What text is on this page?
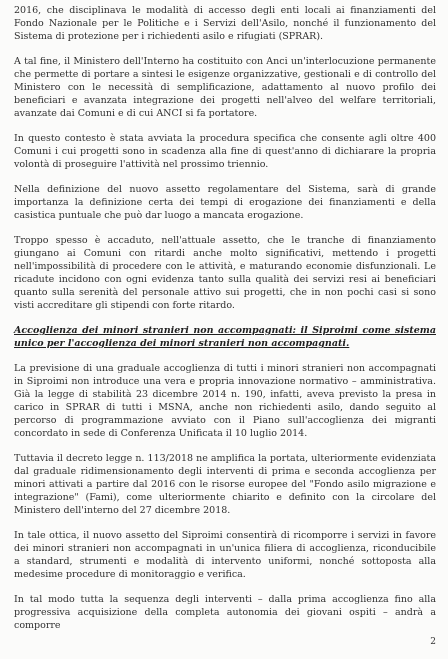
2016, che disciplinava le modalità di accesso degli enti locali ai finanziamenti del Fondo Nazionale per le Politiche e i Servizi dell'Asilo, nonché il funzionamento del Sistema di protezione per i richiedenti asilo e rifugiati (SPRAR).

A tal fine, il Ministero dell'Interno ha costituito con Anci un'interlocuzione permanente che permette di portare a sintesi le esigenze organizzative, gestionali e di controllo del Ministero con le necessità di semplificazione, adattamento al nuovo profilo dei beneficiari e avanzata integrazione dei progetti nell'alveo del welfare territoriali, avanzate dai Comuni e di cui ANCI si fa portatore.

In questo contesto è stata avviata la procedura specifica che consente agli oltre 400 Comuni i cui progetti sono in scadenza alla fine di quest'anno di dichiarare la propria volontà di proseguire l'attività nel prossimo triennio.

Nella definizione del nuovo assetto regolamentare del Sistema, sarà di grande importanza la definizione certa dei tempi di erogazione dei finanziamenti e della casistica puntuale che può dar luogo a mancata erogazione.

Troppo spesso è accaduto, nell'attuale assetto, che le tranche di finanziamento giungano ai Comuni con ritardi anche molto significativi, mettendo i progetti nell'impossibilità di procedere con le attività, e maturando economie disfunzionali. Le ricadute incidono con ogni evidenza tanto sulla qualità dei servizi resi ai beneficiari quanto sulla serenità del personale attivo sui progetti, che in non pochi casi si sono visti accreditare gli stipendi con forte ritardo.

Accoglienza dei minori stranieri non accompagnati: il Siproimi come sistema unico per l'accoglienza dei minori stranieri non accompagnati.

La previsione di una graduale accoglienza di tutti i minori stranieri non accompagnati in Siproimi non introduce una vera e propria innovazione normativo – amministrativa. Già la legge di stabilità 23 dicembre 2014 n. 190, infatti, aveva previsto la presa in carico in SPRAR di tutti i MSNA, anche non richiedenti asilo, dando seguito al percorso di programmazione avviato con il Piano sull'accoglienza dei migranti concordato in sede di Conferenza Unificata il 10 luglio 2014.

Tuttavia il decreto legge n. 113/2018 ne amplifica la portata, ulteriormente evidenziata dal graduale ridimensionamento degli interventi di prima e seconda accoglienza per minori attivati a partire dal 2016 con le risorse europee del "Fondo asilo migrazione e integrazione" (Fami), come ulteriormente chiarito e definito con la circolare del Ministero dell'interno del 27 dicembre 2018.

In tale ottica, il nuovo assetto del Siproimi consentirà di ricomporre i servizi in favore dei minori stranieri non accompagnati in un'unica filiera di accoglienza, riconducibile a standard, strumenti e modalità di intervento uniformi, nonché sottoposta alla medesime procedure di monitoraggio e verifica.

In tal modo tutta la sequenza degli interventi – dalla prima accoglienza fino alla progressiva acquisizione della completa autonomia dei giovani ospiti – andrà a comporre

2
